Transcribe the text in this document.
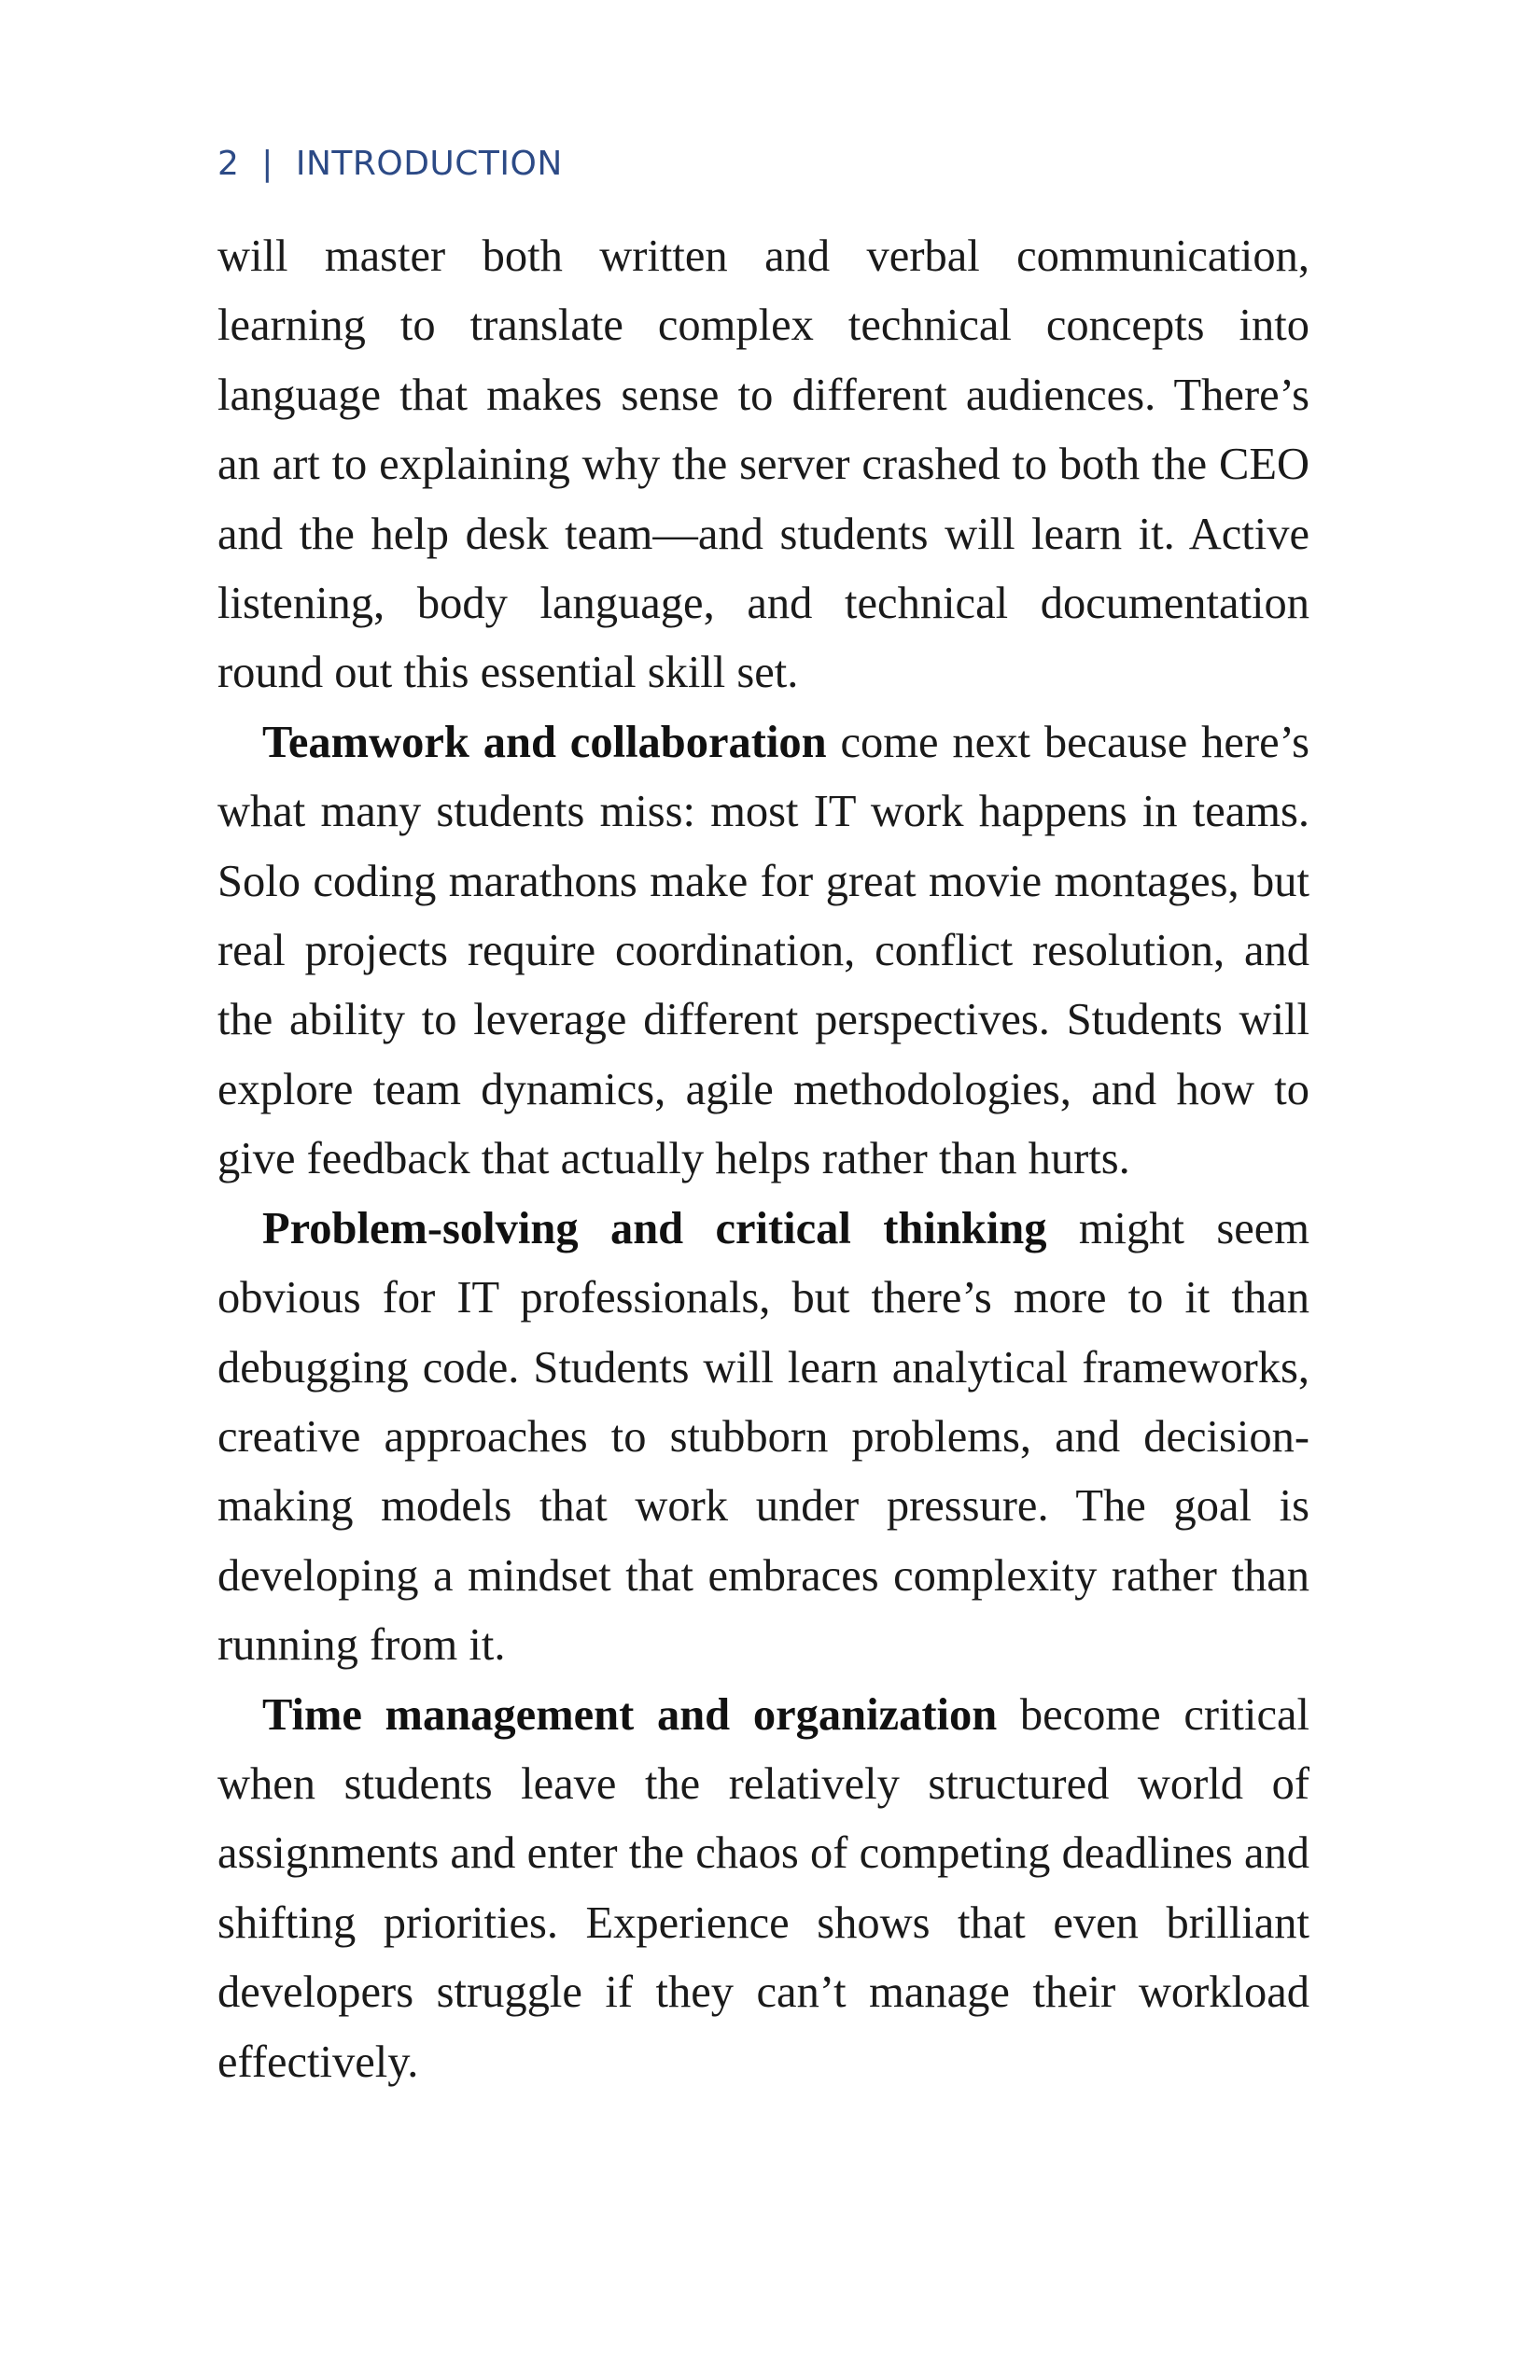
2 | INTRODUCTION

will master both written and verbal communication, learning to translate complex technical concepts into language that makes sense to different audiences. There’s an art to explaining why the server crashed to both the CEO and the help desk team—and students will learn it. Active listening, body language, and technical documentation round out this essential skill set.

Teamwork and collaboration come next because here’s what many students miss: most IT work happens in teams. Solo coding marathons make for great movie montages, but real projects require coordination, conflict resolution, and the ability to leverage different perspectives. Students will explore team dynamics, agile methodologies, and how to give feedback that actually helps rather than hurts.

Problem-solving and critical thinking might seem obvious for IT professionals, but there’s more to it than debugging code. Students will learn analytical frameworks, creative approaches to stubborn problems, and decision-making models that work under pressure. The goal is developing a mindset that embraces complexity rather than running from it.

Time management and organization become critical when students leave the relatively structured world of assignments and enter the chaos of competing deadlines and shifting priorities. Experience shows that even brilliant developers struggle if they can’t manage their workload effectively.
